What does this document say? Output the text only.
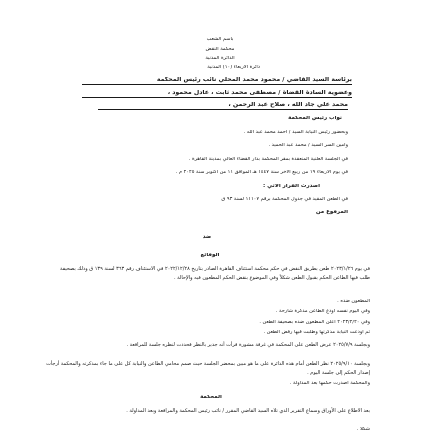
باسم الشعب
محكمة النقض
الدائرة المدنية
دائرة الأربعاء (١٠) المدنية
برئاسة السيد القاضي / محمود محمد المحلي نائب رئيس المحكمة
وعضوية السادة القضاة / مصطفى محمد ثابت ، عادل محمود ،
محمد علي جاد الله ، صلاح عبد الرحمن ،
نواب رئيس المحكمة
وبحضور رئيس النيابة السيد / أحمد محمد عبد الله .
وأمين السر السيد / محمد عبد الحميد .
في الجلسة العلنية المنعقدة بمقر المحكمة بدار القضاء العالي بمدينة القاهرة .
في يوم الأربعاء ١٩ من ربيع الآخر سنة ١٤٤٧ هـ الموافق ١١ من أكتوبر سنة ٢٠٢٥ م .
أصدرت القرار الآتي :
في الطعن المقيد في جدول المحكمة برقم ١١١٠٧ لسنة ٩٣ ق
المرفوع من
ضد
الوقائع
في يوم ٢٠٢٣/١/٢٦ طعن بطريق النقض في حكم محكمة استئناف القاهرة الصادر بتاريخ ٢٠٢٢/١٢/٢٨ في الاستئناف رقم ٣٦٣ لسنة ١٣٩ ق وذلك بصحيفة طلب فيها الطاعن الحكم بقبول الطعن شكلاً وفي الموضوع بنقض الحكم المطعون فيه والإحالة .
المطعون ضده .
وفي اليوم نفسه أودع الطاعن مذكرة شارحة .
وفي ٢٠٢٣/٢/٢٠ أعلن المطعون ضده بصحيفة الطعن .
ثم أودعت النيابة مذكرتها وطلبت فيها رفض الطعن .
وبجلسة ٢٠٢٥/٧/٩ عرض الطعن على المحكمة في غرفة مشورة فرأت أنه جدير بالنظر فحددت لنظره جلسة للمرافعة .
وبجلسة ٢٠٢٥/٩/١٠ نظر الطعن أمام هذه الدائرة على ما هو مبين بمحضر الجلسة حيث صمم محامي الطاعن والنيابة كل على ما جاء بمذكرته والمحكمة أرجأت إصدار الحكم إلى جلسة اليوم .
والمحكمة أصدرت حكمها بعد المداولة .
المحكمة
بعد الاطلاع على الأوراق وسماع التقرير الذي تلاه السيد القاضي المقرر / نائب رئيس المحكمة والمرافعة وبعد المداولة .
شكلاً .
